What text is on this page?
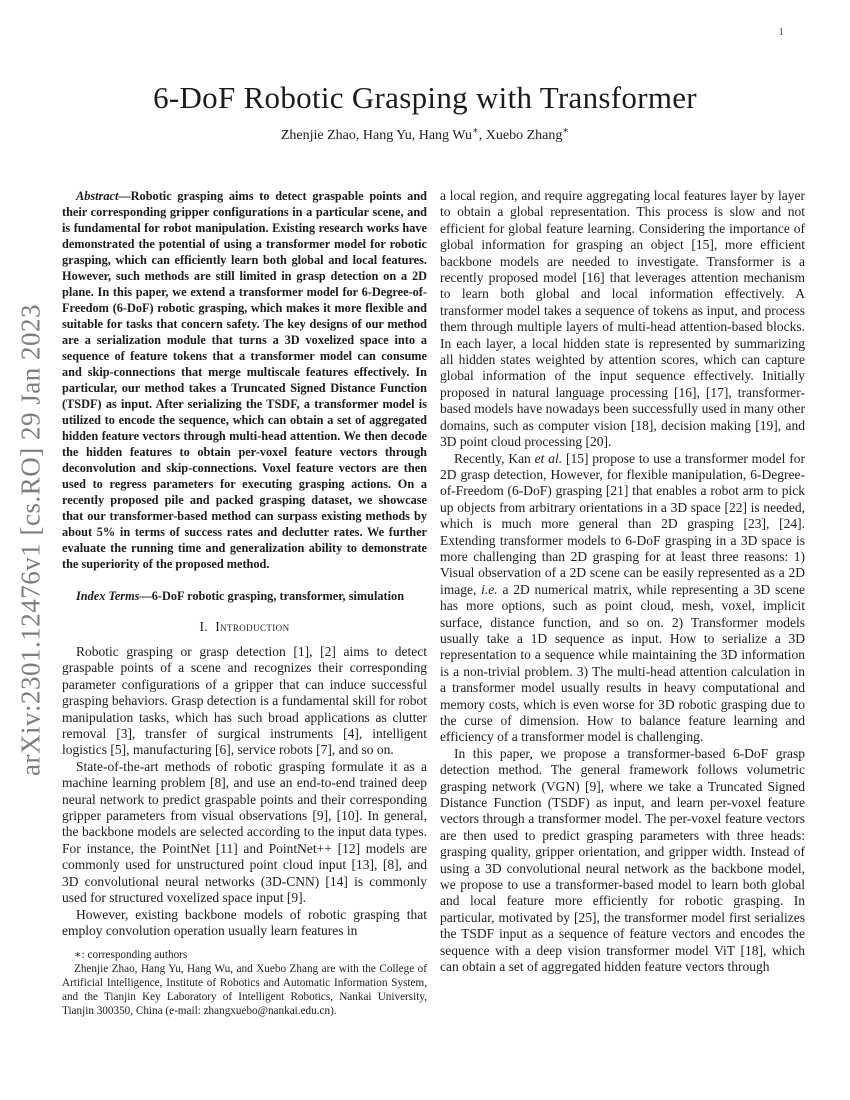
1
arXiv:2301.12476v1 [cs.RO] 29 Jan 2023
6-DoF Robotic Grasping with Transformer
Zhenjie Zhao, Hang Yu, Hang Wu∗, Xuebo Zhang∗

Abstract—Robotic grasping aims to detect graspable points and their corresponding gripper configurations in a particular scene, and is fundamental for robot manipulation. Existing research works have demonstrated the potential of using a transformer model for robotic grasping, which can efficiently learn both global and local features. However, such methods are still limited in grasp detection on a 2D plane. In this paper, we extend a transformer model for 6-Degree-of-Freedom (6-DoF) robotic grasping, which makes it more flexible and suitable for tasks that concern safety. The key designs of our method are a serialization module that turns a 3D voxelized space into a sequence of feature tokens that a transformer model can consume and skip-connections that merge multiscale features effectively. In particular, our method takes a Truncated Signed Distance Function (TSDF) as input. After serializing the TSDF, a transformer model is utilized to encode the sequence, which can obtain a set of aggregated hidden feature vectors through multi-head attention. We then decode the hidden features to obtain per-voxel feature vectors through deconvolution and skip-connections. Voxel feature vectors are then used to regress parameters for executing grasping actions. On a recently proposed pile and packed grasping dataset, we showcase that our transformer-based method can surpass existing methods by about 5% in terms of success rates and declutter rates. We further evaluate the running time and generalization ability to demonstrate the superiority of the proposed method.

Index Terms—6-DoF robotic grasping, transformer, simulation

I. Introduction

Robotic grasping or grasp detection [1], [2] aims to detect graspable points of a scene and recognizes their corresponding parameter configurations of a gripper that can induce successful grasping behaviors. Grasp detection is a fundamental skill for robot manipulation tasks, which has such broad applications as clutter removal [3], transfer of surgical instruments [4], intelligent logistics [5], manufacturing [6], service robots [7], and so on.

State-of-the-art methods of robotic grasping formulate it as a machine learning problem [8], and use an end-to-end trained deep neural network to predict graspable points and their corresponding gripper parameters from visual observations [9], [10]. In general, the backbone models are selected according to the input data types. For instance, the PointNet [11] and PointNet++ [12] models are commonly used for unstructured point cloud input [13], [8], and 3D convolutional neural networks (3D-CNN) [14] is commonly used for structured voxelized space input [9].

However, existing backbone models of robotic grasping that employ convolution operation usually learn features in

∗: corresponding authors

Zhenjie Zhao, Hang Yu, Hang Wu, and Xuebo Zhang are with the College of Artificial Intelligence, Institute of Robotics and Automatic Information System, and the Tianjin Key Laboratory of Intelligent Robotics, Nankai University, Tianjin 300350, China (e-mail: zhangxuebo@nankai.edu.cn).

a local region, and require aggregating local features layer by layer to obtain a global representation. This process is slow and not efficient for global feature learning. Considering the importance of global information for grasping an object [15], more efficient backbone models are needed to investigate. Transformer is a recently proposed model [16] that leverages attention mechanism to learn both global and local information effectively. A transformer model takes a sequence of tokens as input, and process them through multiple layers of multi-head attention-based blocks. In each layer, a local hidden state is represented by summarizing all hidden states weighted by attention scores, which can capture global information of the input sequence effectively. Initially proposed in natural language processing [16], [17], transformer-based models have nowadays been successfully used in many other domains, such as computer vision [18], decision making [19], and 3D point cloud processing [20].

Recently, Kan et al. [15] propose to use a transformer model for 2D grasp detection, However, for flexible manipulation, 6-Degree-of-Freedom (6-DoF) grasping [21] that enables a robot arm to pick up objects from arbitrary orientations in a 3D space [22] is needed, which is much more general than 2D grasping [23], [24]. Extending transformer models to 6-DoF grasping in a 3D space is more challenging than 2D grasping for at least three reasons: 1) Visual observation of a 2D scene can be easily represented as a 2D image, i.e. a 2D numerical matrix, while representing a 3D scene has more options, such as point cloud, mesh, voxel, implicit surface, distance function, and so on. 2) Transformer models usually take a 1D sequence as input. How to serialize a 3D representation to a sequence while maintaining the 3D information is a non-trivial problem. 3) The multi-head attention calculation in a transformer model usually results in heavy computational and memory costs, which is even worse for 3D robotic grasping due to the curse of dimension. How to balance feature learning and efficiency of a transformer model is challenging.

In this paper, we propose a transformer-based 6-DoF grasp detection method. The general framework follows volumetric grasping network (VGN) [9], where we take a Truncated Signed Distance Function (TSDF) as input, and learn per-voxel feature vectors through a transformer model. The per-voxel feature vectors are then used to predict grasping parameters with three heads: grasping quality, gripper orientation, and gripper width. Instead of using a 3D convolutional neural network as the backbone model, we propose to use a transformer-based model to learn both global and local feature more efficiently for robotic grasping. In particular, motivated by [25], the transformer model first serializes the TSDF input as a sequence of feature vectors and encodes the sequence with a deep vision transformer model ViT [18], which can obtain a set of aggregated hidden feature vectors through
